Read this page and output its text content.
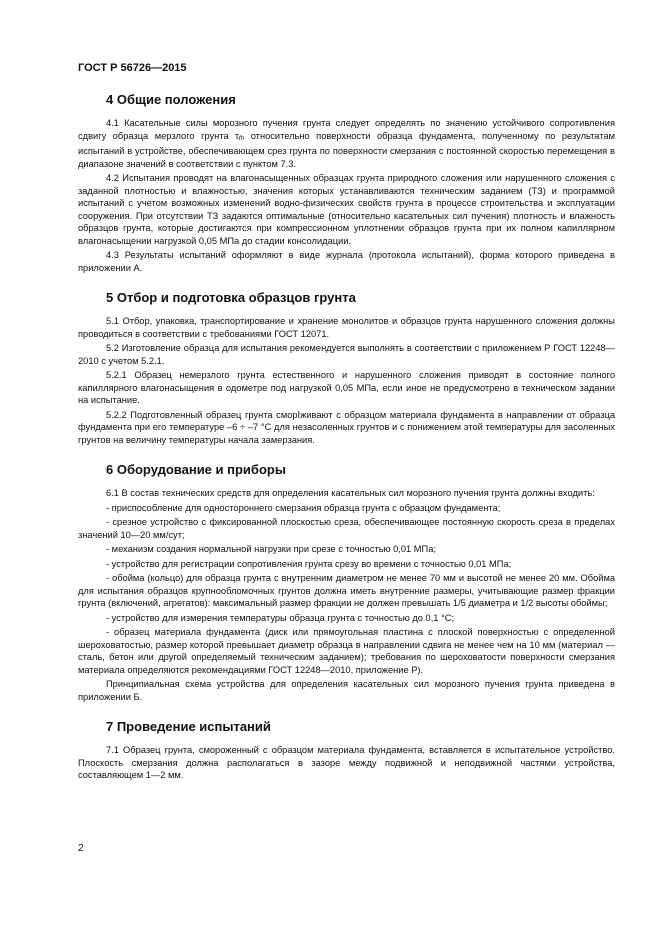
ГОСТ Р 56726—2015
4 Общие положения
4.1 Касательные силы морозного пучения грунта следует определять по значению устойчивого сопротивления сдвигу образца мерзлого грунта τfh относительно поверхности образца фундамента, полученному по результатам испытаний в устройстве, обеспечивающем срез грунта по поверхности смерзания с постоянной скоростью перемещения в диапазоне значений в соответствии с пунктом 7.3.
4.2 Испытания проводят на влагонасыщенных образцах грунта природного сложения или нарушенного сложения с заданной плотностью и влажностью, значения которых устанавливаются техническим заданием (ТЗ) и программой испытаний с учетом возможных изменений водно-физических свойств грунта в процессе строительства и эксплуатации сооружения. При отсутствии ТЗ задаются оптимальные (относительно касательных сил пучения) плотность и влажность образцов грунта, которые достигаются при компрессионном уплотнении образцов грунта при их полном капиллярном влагонасыщении нагрузкой 0,05 МПа до стадии консолидации.
4.3 Результаты испытаний оформляют в виде журнала (протокола испытаний), форма которого приведена в приложении А.
5 Отбор и подготовка образцов грунта
5.1 Отбор, упаковка, транспортирование и хранение монолитов и образцов грунта нарушенного сложения должны проводиться в соответствии с требованиями ГОСТ 12071.
5.2 Изготовление образца для испытания рекомендуется выполнять в соответствии с приложением Р ГОСТ 12248—2010 с учетом 5.2.1.
5.2.1 Образец немерзлого грунта естественного и нарушенного сложения приводят в состояние полного капиллярного влагонасыщения в одометре под нагрузкой 0,05 МПа, если иное не предусмотрено в техническом задании на испытание.
5.2.2 Подготовленный образец грунта сморاживают с образцом материала фундамента в направлении от образца фундамента при его температуре –6 ÷ –7 °С для незасоленных грунтов и с понижением этой температуры для засоленных грунтов на величину температуры начала замерзания.
6 Оборудование и приборы
6.1 В состав технических средств для определения касательных сил морозного пучения грунта должны входить:
- приспособление для одностороннего смерзания образца грунта с образцом фундамента;
- срезное устройство с фиксированной плоскостью среза, обеспечивающее постоянную скорость среза в пределах значений 10—20 мм/сут;
- механизм создания нормальной нагрузки при срезе с точностью 0,01 МПа;
- устройство для регистрации сопротивления грунта срезу во времени с точностью 0,01 МПа;
- обойма (кольцо) для образца грунта с внутренним диаметром не менее 70 мм и высотой не менее 20 мм. Обойма для испытания образцов крупнообломочных грунтов должна иметь внутренние размеры, учитывающие размер фракции грунта (включений, агрегатов): максимальный размер фракции не должен превышать 1/5 диаметра и 1/2 высоты обоймы;
- устройство для измерения температуры образца грунта с точностью до 0,1 °С;
- образец материала фундамента (диск или прямоугольная пластина с плоской поверхностью с определенной шероховатостью, размер которой превышает диаметр образца в направлении сдвига не менее чем на 10 мм (материал — сталь, бетон или другой определяемый техническим заданием); требования по шероховатости поверхности смерзания материала определяются рекомендациями ГОСТ 12248—2010, приложение Р).
Принципиальная схема устройства для определения касательных сил морозного пучения грунта приведена в приложении Б.
7 Проведение испытаний
7.1 Образец грунта, смороженный с образцом материала фундамента, вставляется в испытательное устройство. Плоскость смерзания должна располагаться в зазоре между подвижной и неподвижной частями устройства, составляющем 1—2 мм.
2
